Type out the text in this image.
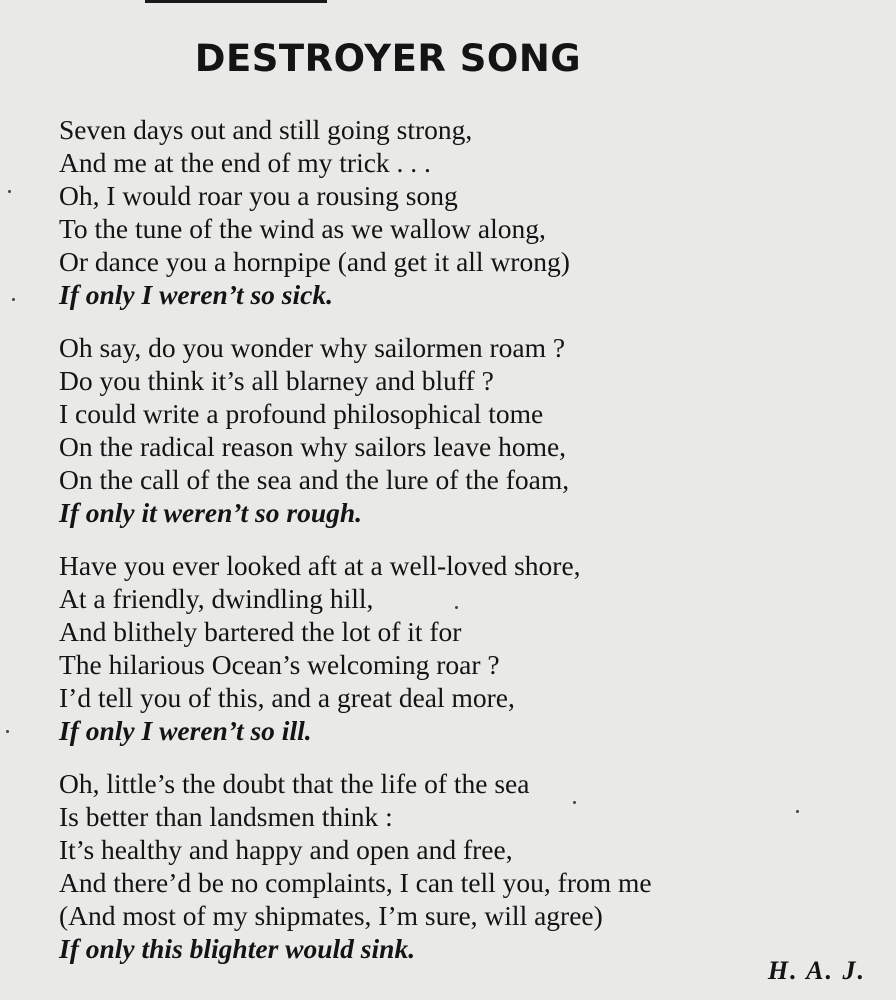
DESTROYER SONG
Seven days out and still going strong,
And me at the end of my trick . . .
Oh, I would roar you a rousing song
To the tune of the wind as we wallow along,
Or dance you a hornpipe (and get it all wrong)
If only I weren’t so sick.
Oh say, do you wonder why sailormen roam ?
Do you think it’s all blarney and bluff ?
I could write a profound philosophical tome
On the radical reason why sailors leave home,
On the call of the sea and the lure of the foam,
If only it weren’t so rough.
Have you ever looked aft at a well-loved shore,
At a friendly, dwindling hill,
And blithely bartered the lot of it for
The hilarious Ocean’s welcoming roar ?
I’d tell you of this, and a great deal more,
If only I weren’t so ill.
Oh, little’s the doubt that the life of the sea
Is better than landsmen think :
It’s healthy and happy and open and free,
And there’d be no complaints, I can tell you, from me
(And most of my shipmates, I’m sure, will agree)
If only this blighter would sink.
H. A. J.
